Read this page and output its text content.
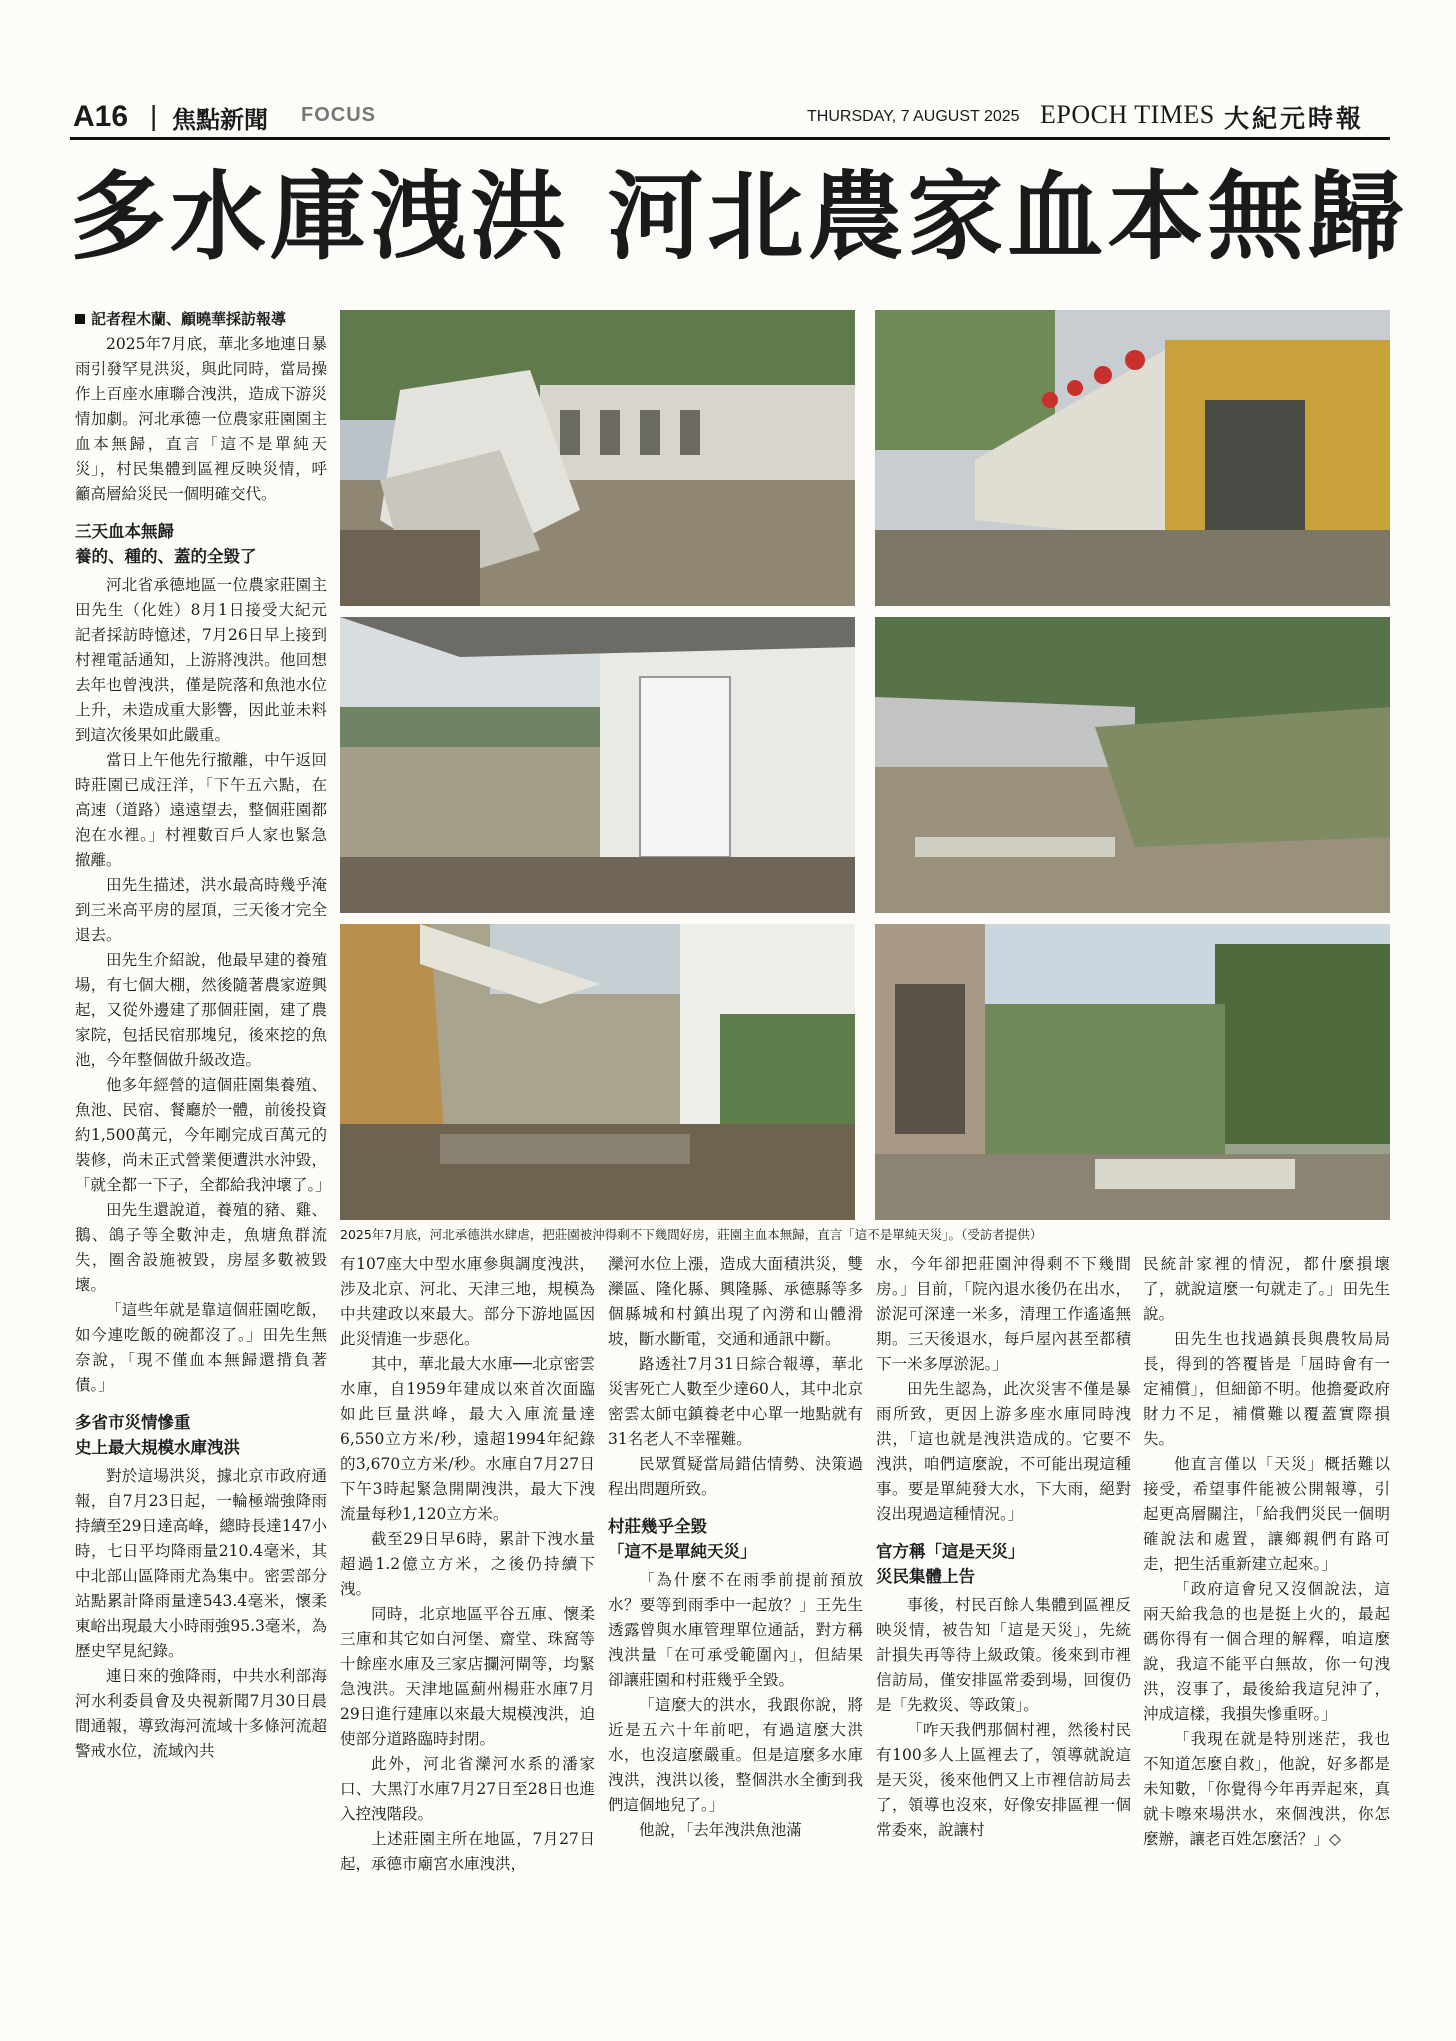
A16 | 焦點新聞 FOCUS	THURSDAY, 7 AUGUST 2025 EPOCH TIMES 大紀元時報
多水庫洩洪 河北農家血本無歸
2025年7月底，河北承德洪水肆虐，把莊園被沖得剩不下幾間好房，莊園主血本無歸，直言「這不是單純天災」。（受訪者提供）

記者程木蘭、顧曉華採訪報導

2025年7月底，華北多地連日暴雨引發罕見洪災，與此同時，當局操作上百座水庫聯合洩洪，造成下游災情加劇。河北承德一位農家莊園園主血本無歸，直言「這不是單純天災」，村民集體到區裡反映災情，呼籲高層給災民一個明確交代。

三天血本無歸
養的、種的、蓋的全毀了

河北省承德地區一位農家莊園主田先生（化姓）8月1日接受大紀元記者採訪時憶述，7月26日早上接到村裡電話通知，上游將洩洪。他回想去年也曾洩洪，僅是院落和魚池水位上升，未造成重大影響，因此並未料到這次後果如此嚴重。

當日上午他先行撤離，中午返回時莊園已成汪洋，「下午五六點，在高速（道路）遠遠望去，整個莊園都泡在水裡。」村裡數百戶人家也緊急撤離。

田先生描述，洪水最高時幾乎淹到三米高平房的屋頂，三天後才完全退去。

田先生介紹說，他最早建的養殖場，有七個大棚，然後隨著農家遊興起，又從外邊建了那個莊園，建了農家院，包括民宿那塊兒，後來挖的魚池，今年整個做升級改造。

他多年經營的這個莊園集養殖、魚池、民宿、餐廳於一體，前後投資約1,500萬元，今年剛完成百萬元的裝修，尚未正式營業便遭洪水沖毀，「就全都一下子，全都給我沖壞了。」

田先生還說道，養殖的豬、雞、鵝、鴿子等全數沖走，魚塘魚群流失，圈舍設施被毀，房屋多數被毀壞。

「這些年就是靠這個莊園吃飯，如今連吃飯的碗都沒了。」田先生無奈說，「現不僅血本無歸還揹負著債。」

多省市災情慘重
史上最大規模水庫洩洪

對於這場洪災，據北京市政府通報，自7月23日起，一輪極端強降雨持續至29日達高峰，總時長達147小時，七日平均降雨量210.4毫米，其中北部山區降雨尤為集中。密雲部分站點累計降雨量達543.4毫米，懷柔東峪出現最大小時雨強95.3毫米，為歷史罕見紀錄。

連日來的強降雨，中共水利部海河水利委員會及央視新聞7月30日晨間通報，導致海河流域十多條河流超警戒水位，流域內共

有107座大中型水庫參與調度洩洪，涉及北京、河北、天津三地，規模為中共建政以來最大。部分下游地區因此災情進一步惡化。

其中，華北最大水庫──北京密雲水庫，自1959年建成以來首次面臨如此巨量洪峰，最大入庫流量達6,550立方米/秒，遠超1994年紀錄的3,670立方米/秒。水庫自7月27日下午3時起緊急開閘洩洪，最大下洩流量每秒1,120立方米。

截至29日早6時，累計下洩水量超過1.2億立方米，之後仍持續下洩。

同時，北京地區平谷五庫、懷柔三庫和其它如白河堡、齋堂、珠窩等十餘座水庫及三家店攔河閘等，均緊急洩洪。天津地區薊州楊莊水庫7月29日進行建庫以來最大規模洩洪，迫使部分道路臨時封閉。

此外，河北省灤河水系的潘家口、大黑汀水庫7月27日至28日也進入控洩階段。

上述莊園主所在地區，7月27日起，承德市廟宮水庫洩洪，

灤河水位上漲，造成大面積洪災，雙灤區、隆化縣、興隆縣、承德縣等多個縣城和村鎮出現了內澇和山體滑坡，斷水斷電，交通和通訊中斷。

路透社7月31日綜合報導，華北災害死亡人數至少達60人，其中北京密雲太師屯鎮養老中心單一地點就有31名老人不幸罹難。

民眾質疑當局錯估情勢、決策過程出問題所致。

村莊幾乎全毀
「這不是單純天災」

「為什麼不在雨季前提前預放水？要等到雨季中一起放？」王先生透露曾與水庫管理單位通話，對方稱洩洪量「在可承受範圍內」，但結果卻讓莊園和村莊幾乎全毀。

「這麼大的洪水，我跟你說，將近是五六十年前吧，有過這麼大洪水，也沒這麼嚴重。但是這麼多水庫洩洪，洩洪以後，整個洪水全衝到我們這個地兒了。」

他說，「去年洩洪魚池滿

水，今年卻把莊園沖得剩不下幾間房。」目前，「院內退水後仍在出水，淤泥可深達一米多，清理工作遙遙無期。三天後退水，每戶屋內甚至都積下一米多厚淤泥。」

田先生認為，此次災害不僅是暴雨所致，更因上游多座水庫同時洩洪，「這也就是洩洪造成的。它要不洩洪，咱們這麼說，不可能出現這種事。要是單純發大水，下大雨，絕對沒出現過這種情況。」

官方稱「這是天災」
災民集體上告

事後，村民百餘人集體到區裡反映災情，被告知「這是天災」，先統計損失再等待上級政策。後來到市裡信訪局，僅安排區常委到場，回復仍是「先救災、等政策」。

「咋天我們那個村裡，然後村民有100多人上區裡去了，領導就說這是天災，後來他們又上市裡信訪局去了，領導也沒來，好像安排區裡一個常委來，說讓村

民統計家裡的情況，都什麼損壞了，就說這麼一句就走了。」田先生說。

田先生也找過鎮長與農牧局局長，得到的答覆皆是「屆時會有一定補償」，但細節不明。他擔憂政府財力不足，補償難以覆蓋實際損失。

他直言僅以「天災」概括難以接受，希望事件能被公開報導，引起更高層關注，「給我們災民一個明確說法和處置，讓鄉親們有路可走，把生活重新建立起來。」

「政府這會兒又沒個說法，這兩天給我急的也是挺上火的，最起碼你得有一個合理的解釋，咱這麼說，我這不能平白無故，你一句洩洪，沒事了，最後給我這兒沖了，沖成這樣，我損失慘重呀。」

「我現在就是特別迷茫，我也不知道怎麼自救」，他說，好多都是未知數，「你覺得今年再弄起來，真就卡嚓來場洪水，來個洩洪，你怎麼辦，讓老百姓怎麼活？」◇
